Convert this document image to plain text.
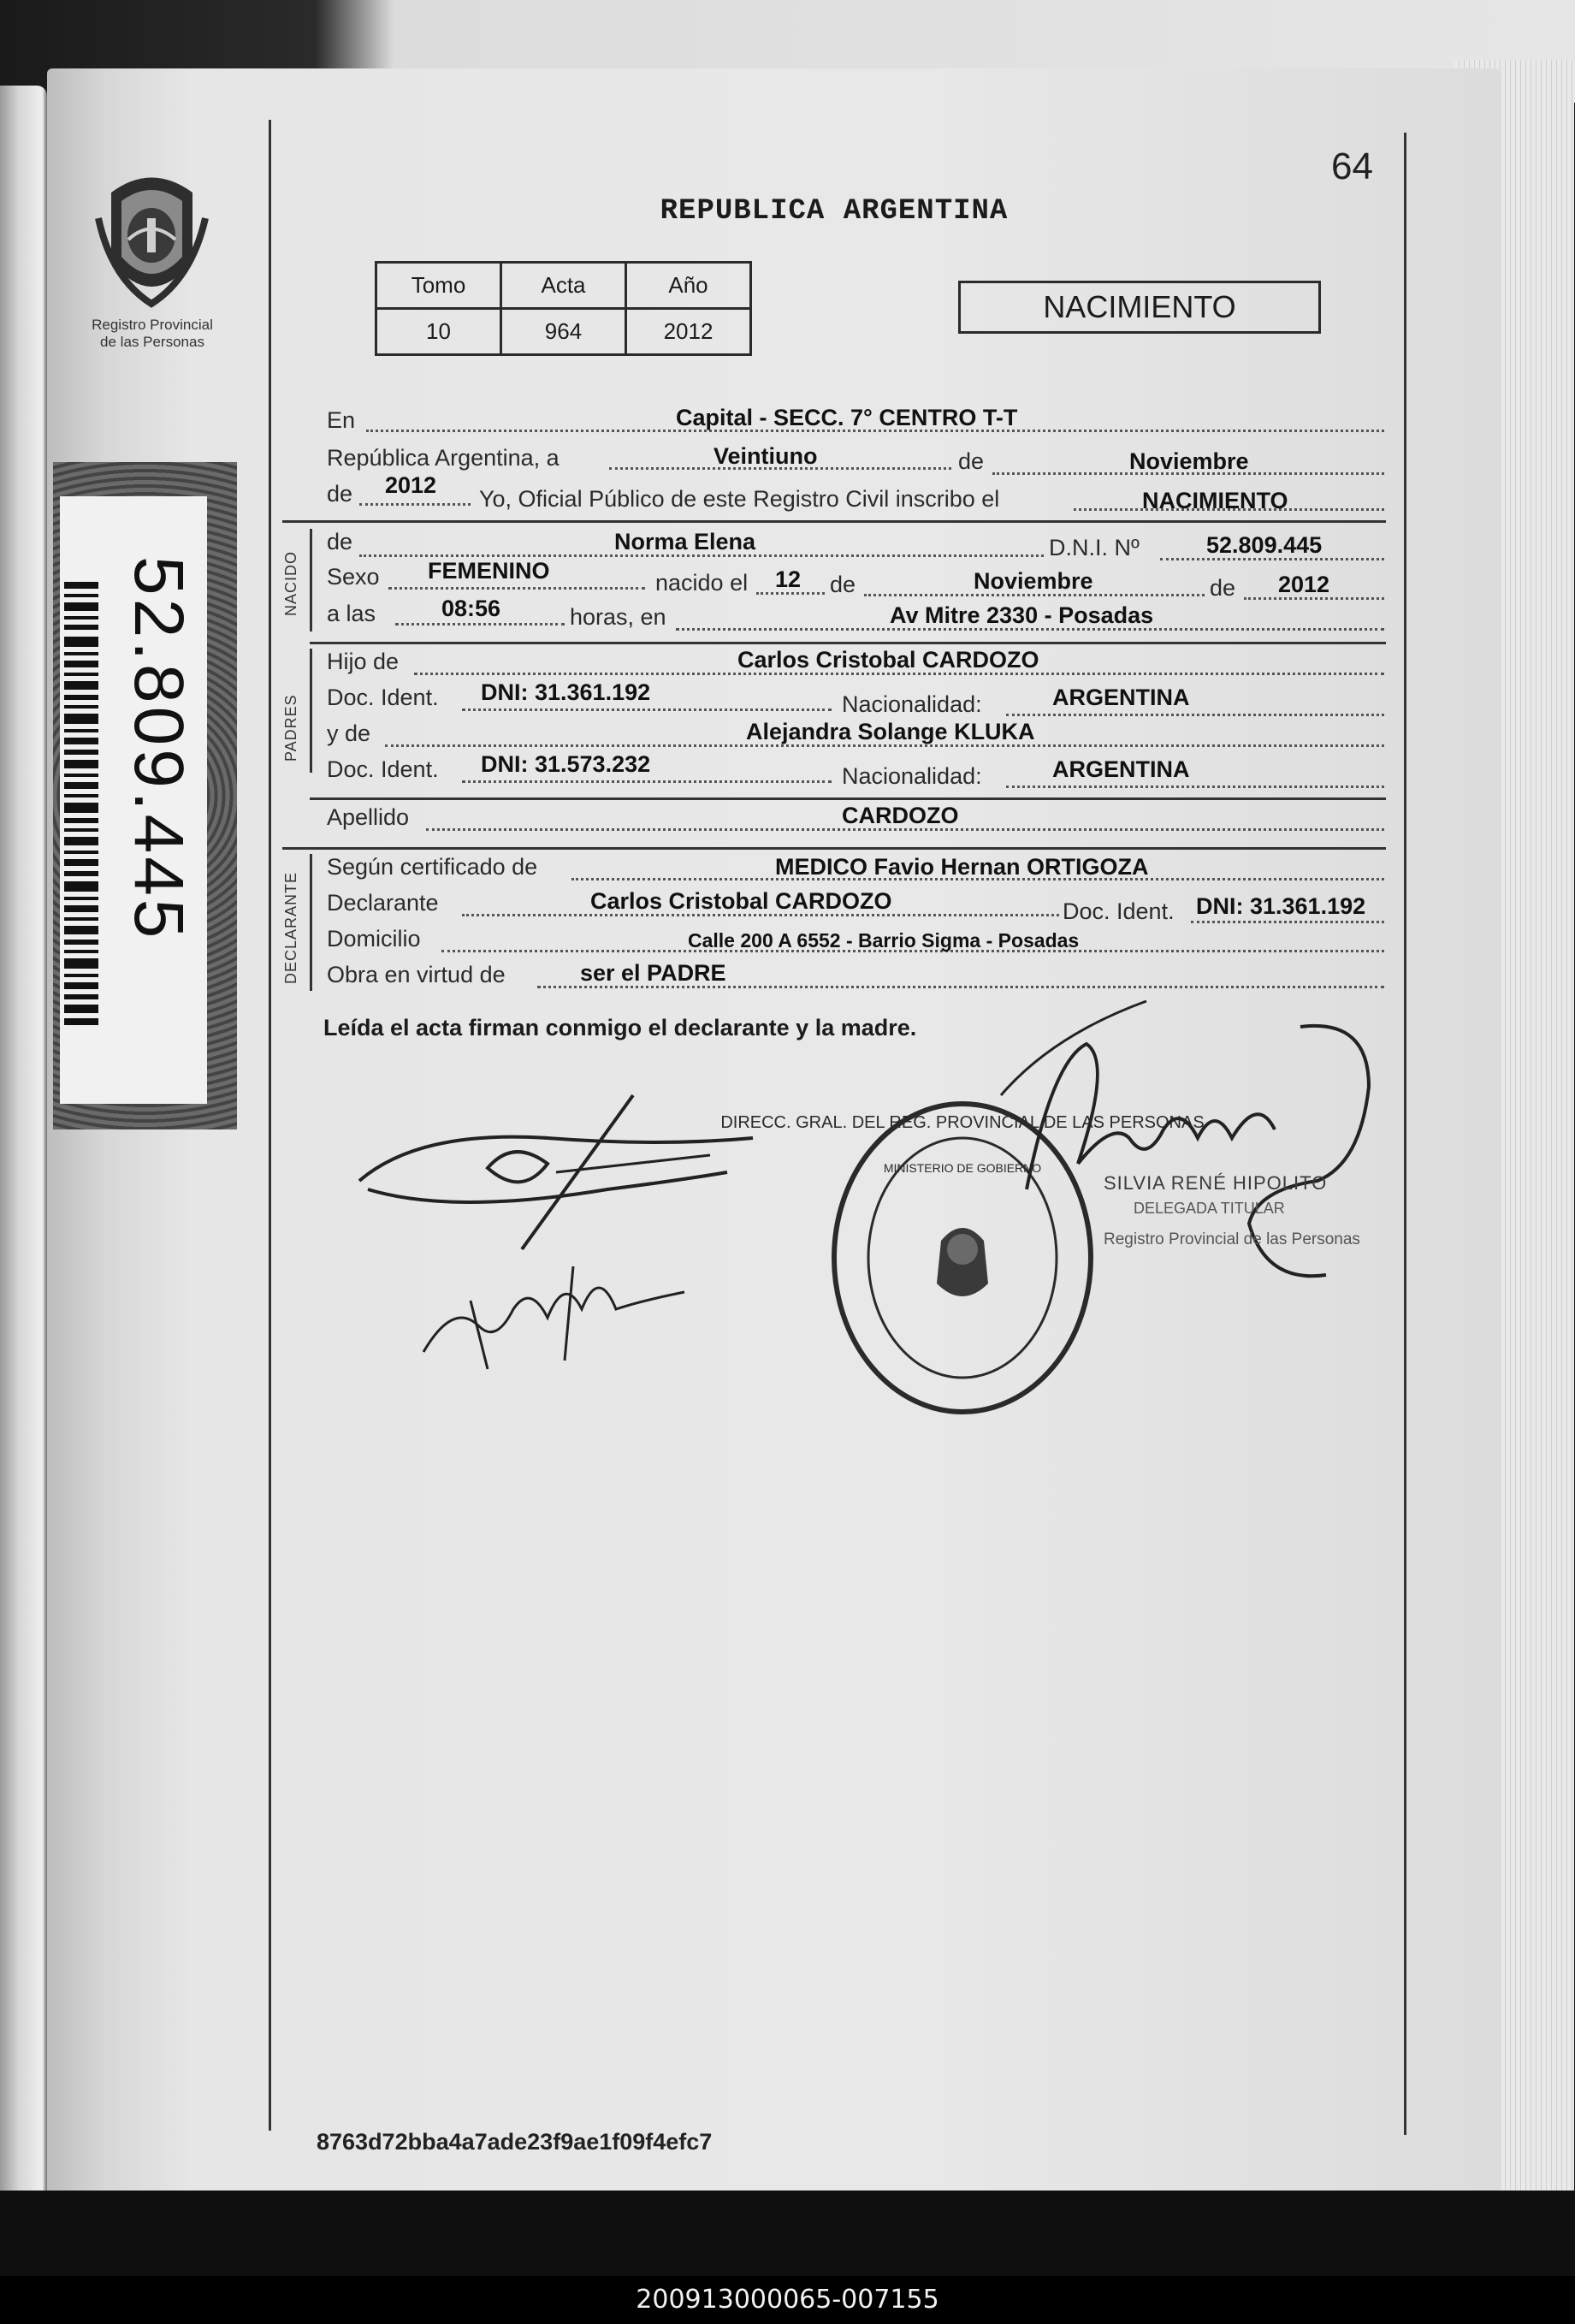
Registro Provincial
de las Personas
52.809.445
64
REPUBLICA ARGENTINA
Tomo	Acta	Año
10	964	2012
NACIMIENTO
En	Capital - SECC. 7° CENTRO T-T
República Argentina, a	Veintiuno	de	Noviembre
de 2012
Yo, Oficial Público de este Registro Civil inscribo el	NACIMIENTO
NACIDO
de	Norma Elena	D.N.I. Nº	52.809.445
Sexo FEMENINO	nacido el 12 de	Noviembre	de 2012
a las	08:56	horas, en	Av Mitre 2330 - Posadas
PADRES
Hijo de	Carlos Cristobal CARDOZO
Doc. Ident. DNI: 31.361.192	Nacionalidad:	ARGENTINA
y de	Alejandra Solange KLUKA
Doc. Ident. DNI: 31.573.232	Nacionalidad:	ARGENTINA
Apellido	CARDOZO
DECLARANTE
Según certificado de	MEDICO Favio Hernan ORTIGOZA
Declarante	Carlos Cristobal CARDOZO	Doc. Ident. DNI: 31.361.192
Domicilio	Calle 200 A 6552 - Barrio Sigma - Posadas
Obra en virtud de	ser el PADRE
Leída el acta firman conmigo el declarante y la madre.
DIRECC. GRAL. DEL REG. PROVINCIAL DE LAS PERSONAS
MINISTERIO DE GOBIERNO
SILVIA RENÉ HIPOLITO
DELEGADA TITULAR
Registro Provincial de las Personas
8763d72bba4a7ade23f9ae1f09f4efc7
200913000065-007155
